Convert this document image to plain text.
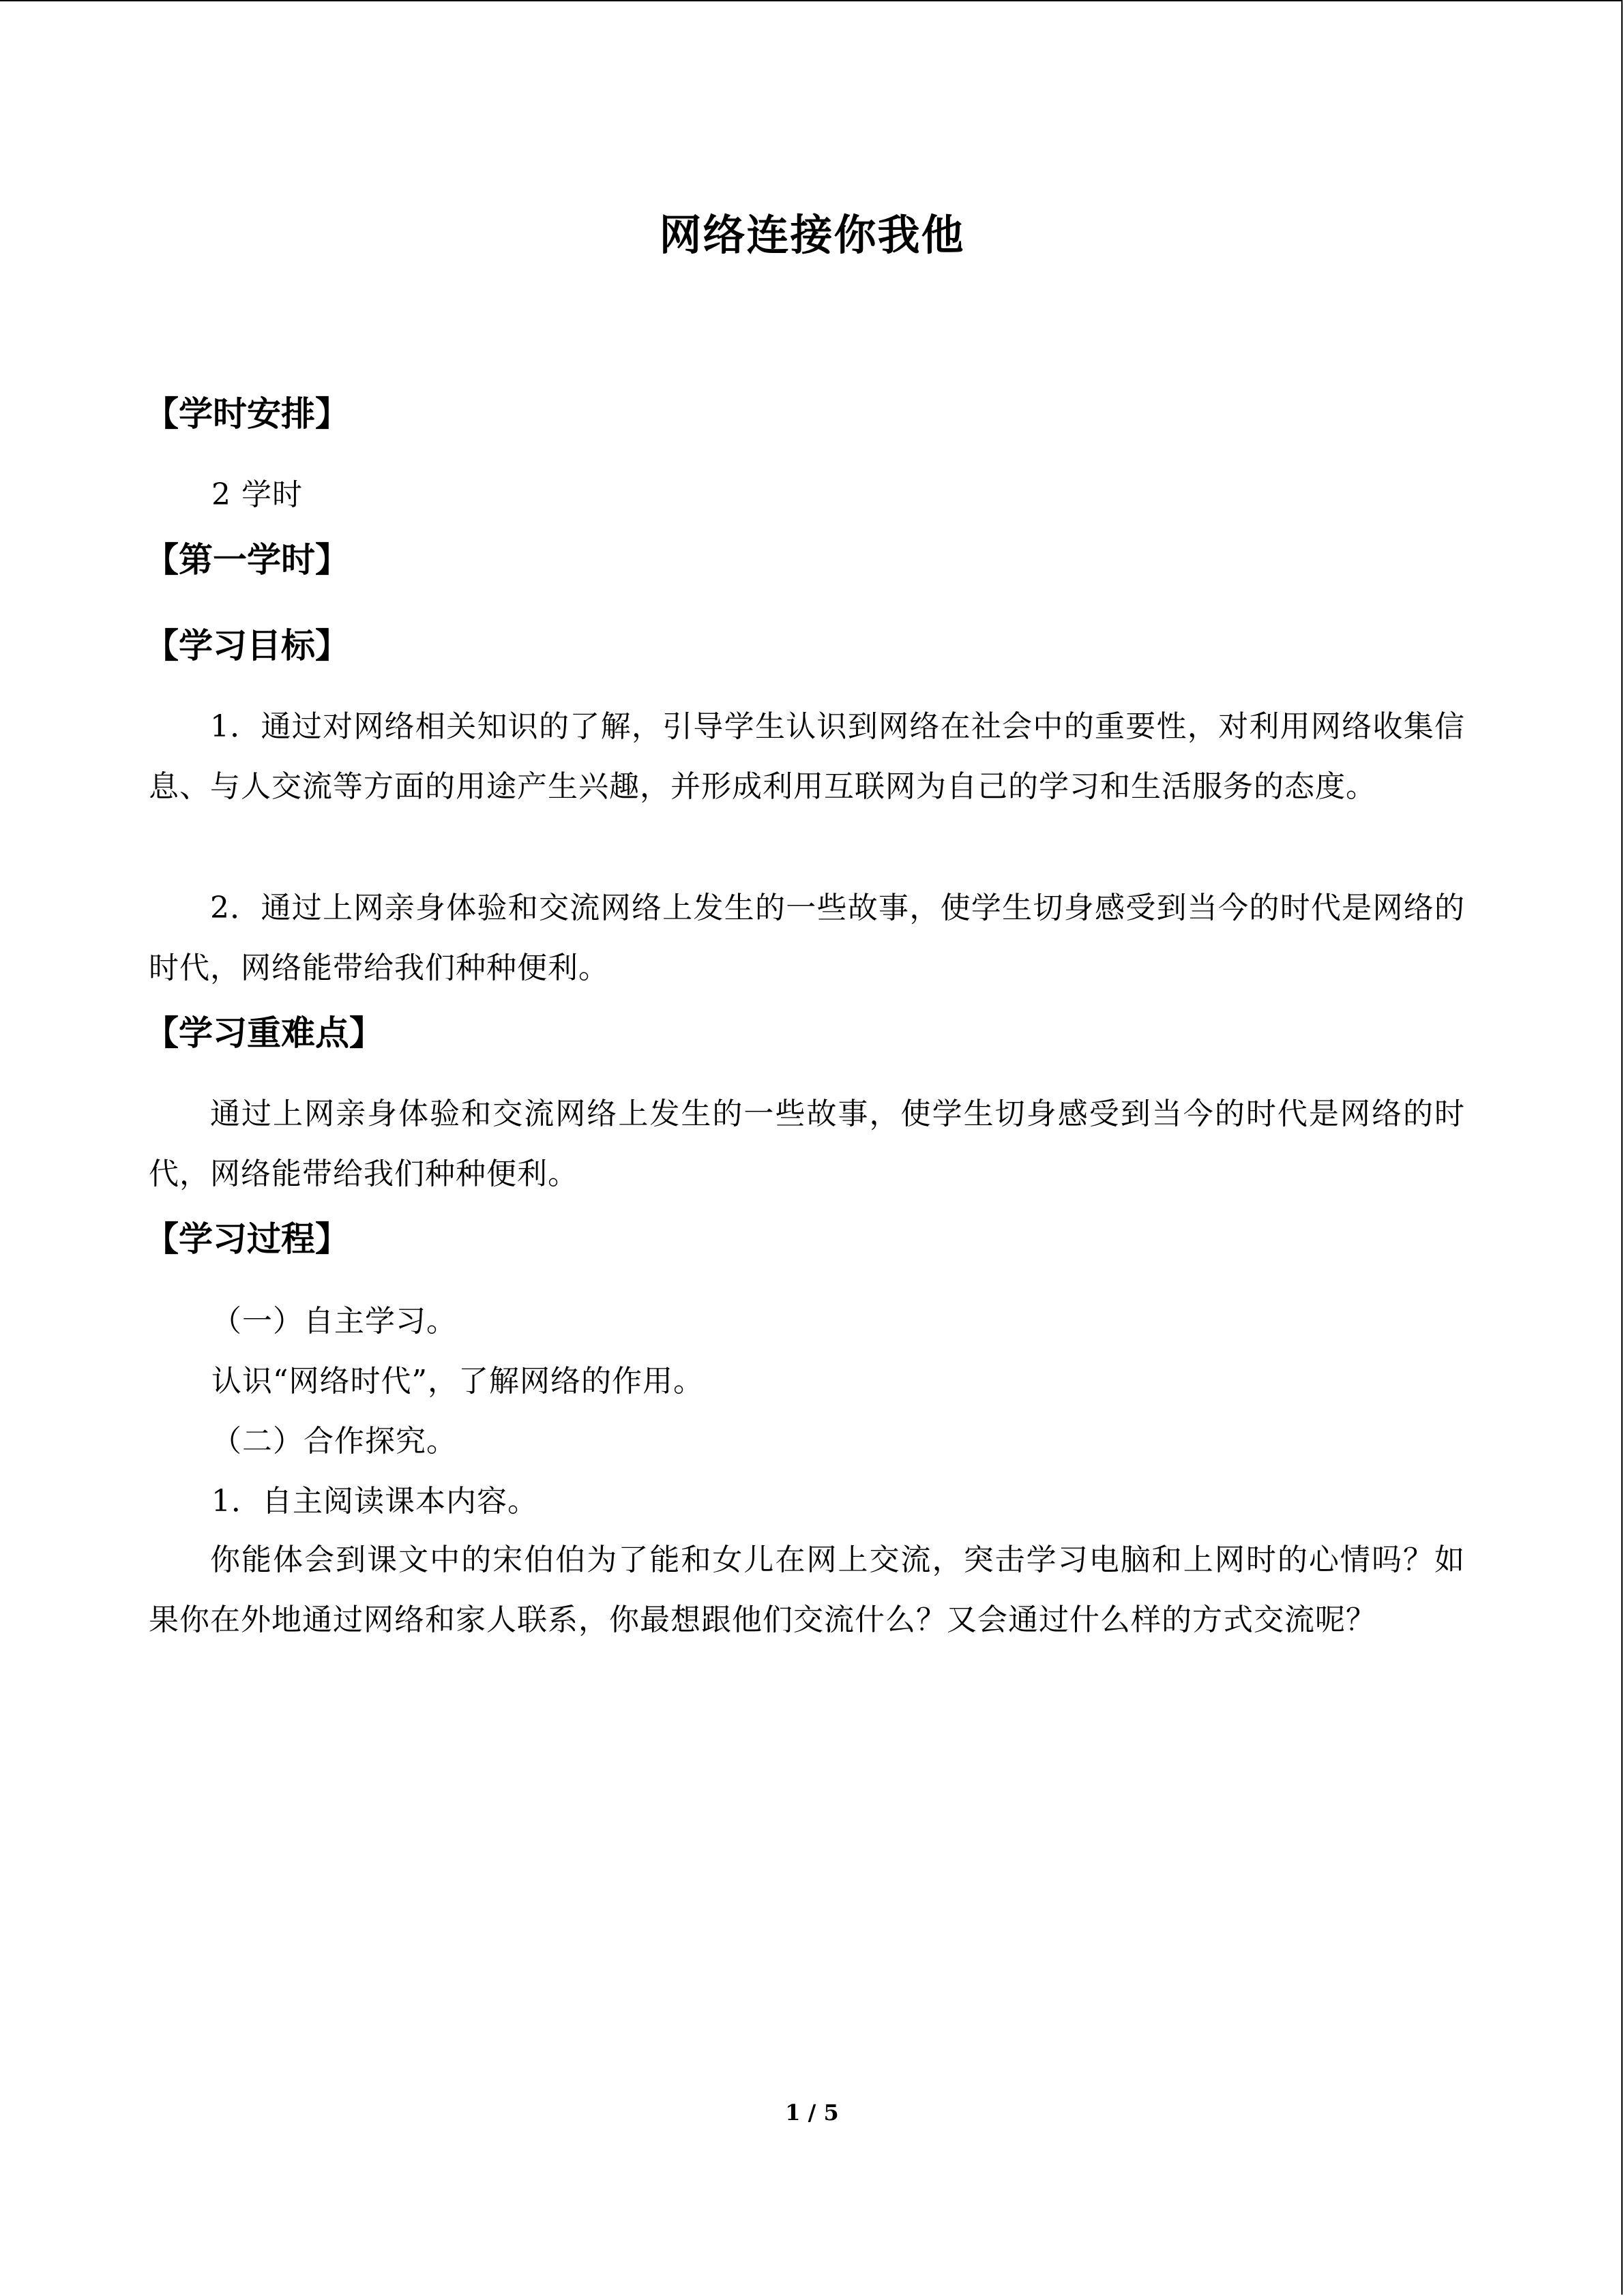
网络连接你我他
【学时安排】
2 学时
【第一学时】
【学习目标】
1．通过对网络相关知识的了解，引导学生认识到网络在社会中的重要性，对利用网络收集信息、与人交流等方面的用途产生兴趣，并形成利用互联网为自己的学习和生活服务的态度。
2．通过上网亲身体验和交流网络上发生的一些故事，使学生切身感受到当今的时代是网络的时代，网络能带给我们种种便利。
【学习重难点】
通过上网亲身体验和交流网络上发生的一些故事，使学生切身感受到当今的时代是网络的时代，网络能带给我们种种便利。
【学习过程】
（一）自主学习。
认识“网络时代”，了解网络的作用。
（二）合作探究。
1．自主阅读课本内容。
你能体会到课文中的宋伯伯为了能和女儿在网上交流，突击学习电脑和上网时的心情吗？如果你在外地通过网络和家人联系，你最想跟他们交流什么？又会通过什么样的方式交流呢？
1 / 5
